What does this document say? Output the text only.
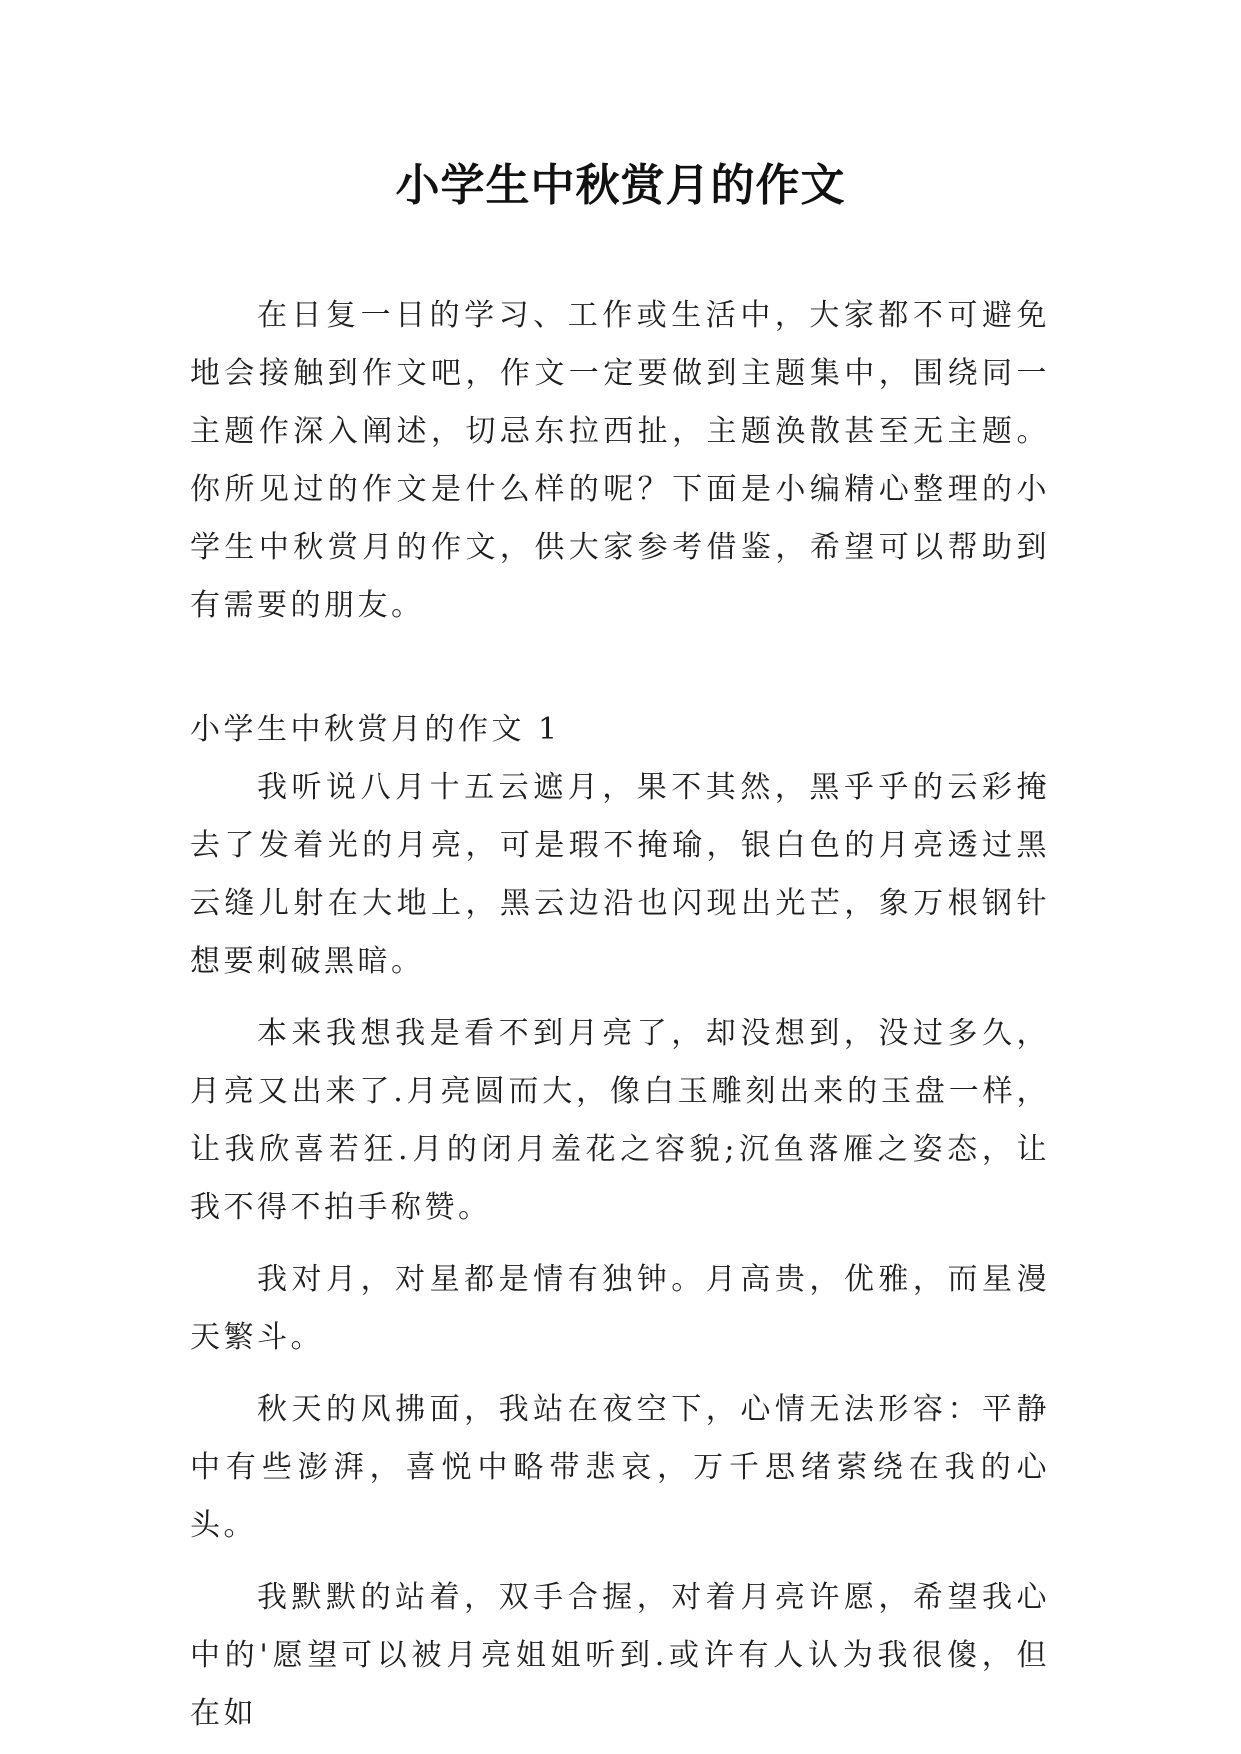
小学生中秋赏月的作文

在日复一日的学习、工作或生活中，大家都不可避免地会接触到作文吧，作文一定要做到主题集中，围绕同一主题作深入阐述，切忌东拉西扯，主题涣散甚至无主题。你所见过的作文是什么样的呢？下面是小编精心整理的小学生中秋赏月的作文，供大家参考借鉴，希望可以帮助到有需要的朋友。

小学生中秋赏月的作文 1

我听说八月十五云遮月，果不其然，黑乎乎的云彩掩去了发着光的月亮，可是瑕不掩瑜，银白色的月亮透过黑云缝儿射在大地上，黑云边沿也闪现出光芒，象万根钢针想要刺破黑暗。

本来我想我是看不到月亮了，却没想到，没过多久，月亮又出来了.月亮圆而大，像白玉雕刻出来的玉盘一样，让我欣喜若狂.月的闭月羞花之容貌;沉鱼落雁之姿态，让我不得不拍手称赞。

我对月，对星都是情有独钟。月高贵，优雅，而星漫天繁斗。

秋天的风拂面，我站在夜空下，心情无法形容：平静中有些澎湃，喜悦中略带悲哀，万千思绪萦绕在我的心头。

我默默的站着，双手合握，对着月亮许愿，希望我心中的'愿望可以被月亮姐姐听到.或许有人认为我很傻，但在如
